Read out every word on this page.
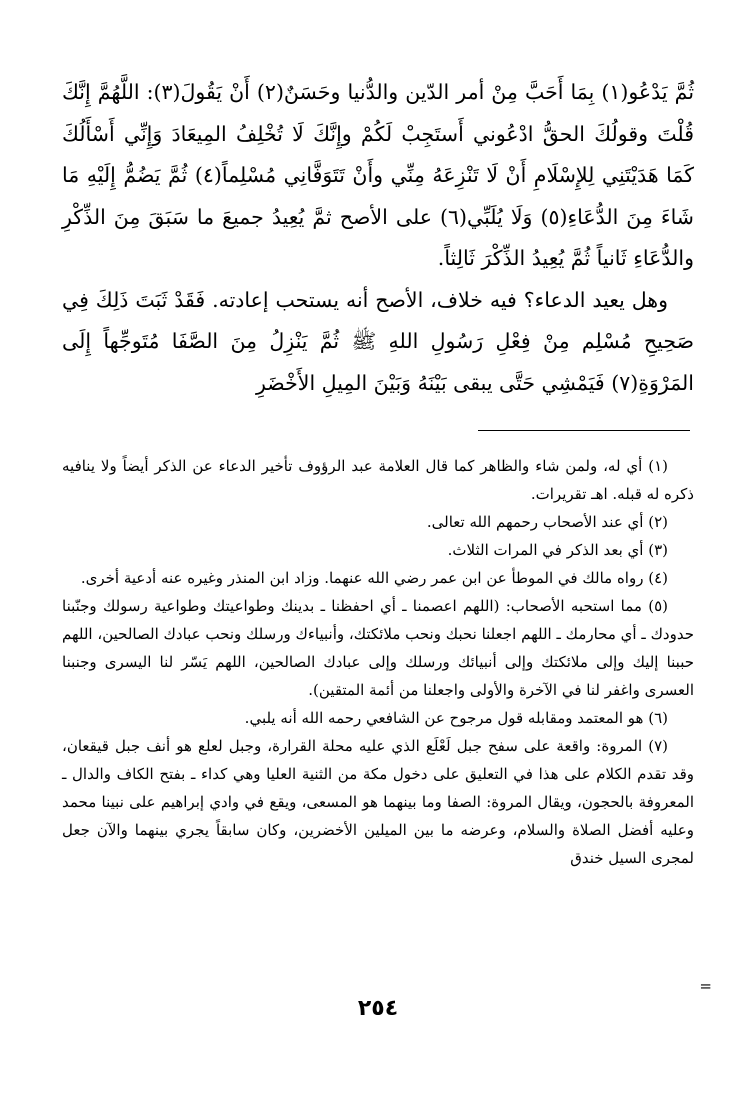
ثُمَّ يَدْعُو(١) بِمَا أَحَبَّ مِنْ أمر الدّين والدُّنيا وحَسَنٌ(٢) أَنْ يَقُولَ(٣): اللَّهُمَّ إِنَّكَ قُلْتَ وقولُكَ الحقُّ ادْعُوني أَستَجِبْ لَكُمْ وإِنَّكَ لَا تُخْلِفُ المِيعَادَ وَإِنِّي أَسْأَلُكَ كَمَا هَدَيْتَنِي لِلإِسْلَامِ أَنْ لَا تَنْزِعَهُ مِنِّي وأَنْ تَتَوَفَّانِي مُسْلِماً(٤) ثُمَّ يَضُمُّ إِلَيْهِ مَا شَاءَ مِنَ الدُّعَاءِ(٥) وَلَا يُلَبِّي(٦) على الأصح ثمَّ يُعِيدُ جميعَ ما سَبَقَ مِنَ الذِّكْرِ والدُّعَاءِ ثَانياً ثُمَّ يُعِيدُ الذِّكْرَ ثَالِثاً.

وهل يعيد الدعاء؟ فيه خلاف، الأصح أنه يستحب إعادته. فَقَدْ ثَبَتَ ذَلِكَ فِي صَحِيحِ مُسْلِم مِنْ فِعْلِ رَسُولِ اللهِ ﷺ ثُمَّ يَنْزِلُ مِنَ الصَّفَا مُتَوجِّهاً إِلَى المَرْوَةِ(٧) فَيَمْشِي حَتَّى يبقى بَيْنَهُ وَبَيْنَ المِيلِ الأَخْضَرِ

(١) أي له، ولمن شاء والظاهر كما قال العلامة عبد الرؤوف تأخير الدعاء عن الذكر أيضاً ولا ينافيه ذكره له قبله. اهـ تقريرات.

(٢) أي عند الأصحاب رحمهم الله تعالى.

(٣) أي بعد الذكر في المرات الثلاث.

(٤) رواه مالك في الموطأ عن ابن عمر رضي الله عنهما. وزاد ابن المنذر وغيره عنه أدعية أخرى.

(٥) مما استحبه الأصحاب: (اللهم اعصمنا ـ أي احفظنا ـ بدينك وطواعيتك وطواعية رسولك وجنّبنا حدودك ـ أي محارمك ـ اللهم اجعلنا نحبك ونحب ملائكتك، وأنبياءك ورسلك ونحب عبادك الصالحين، اللهم حببنا إليك وإلى ملائكتك وإلى أنبيائك ورسلك وإلى عبادك الصالحين، اللهم يَسّر لنا اليسرى وجنبنا العسرى واغفر لنا في الآخرة والأولى واجعلنا من أئمة المتقين).

(٦) هو المعتمد ومقابله قول مرجوح عن الشافعي رحمه الله أنه يلبي.

(٧) المروة: واقعة على سفح جبل لَعْلَع الذي عليه محلة القرارة، وجبل لعلع هو أنف جبل قيقعان، وقد تقدم الكلام على هذا في التعليق على دخول مكة من الثنية العليا وهي كداء ـ بفتح الكاف والدال ـ المعروفة بالحجون، ويقال المروة: الصفا وما بينهما هو المسعى، ويقع في وادي إبراهيم على نبينا محمد وعليه أفضل الصلاة والسلام، وعرضه ما بين الميلين الأخضرين، وكان سابقاً يجري بينهما والآن جعل لمجرى السيل خندق

=
٢٥٤
